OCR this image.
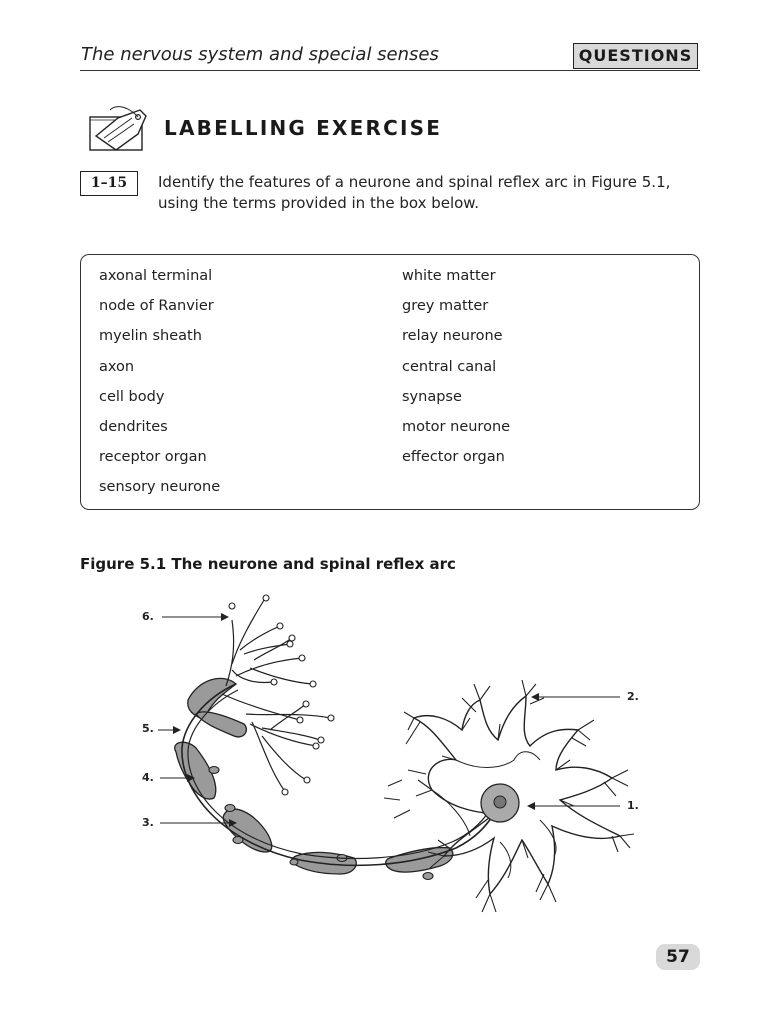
The nervous system and special senses	QUESTIONS
LABELLING EXERCISE
1–15	Identify the features of a neurone and spinal reflex arc in Figure 5.1, using the terms provided in the box below.
axonal terminal
node of Ranvier
myelin sheath
axon
cell body
dendrites
receptor organ
sensory neurone
white matter
grey matter
relay neurone
central canal
synapse
motor neurone
effector organ
Figure 5.1 The neurone and spinal reflex arc
6.
5.
4.
3.
2.
1.
57
